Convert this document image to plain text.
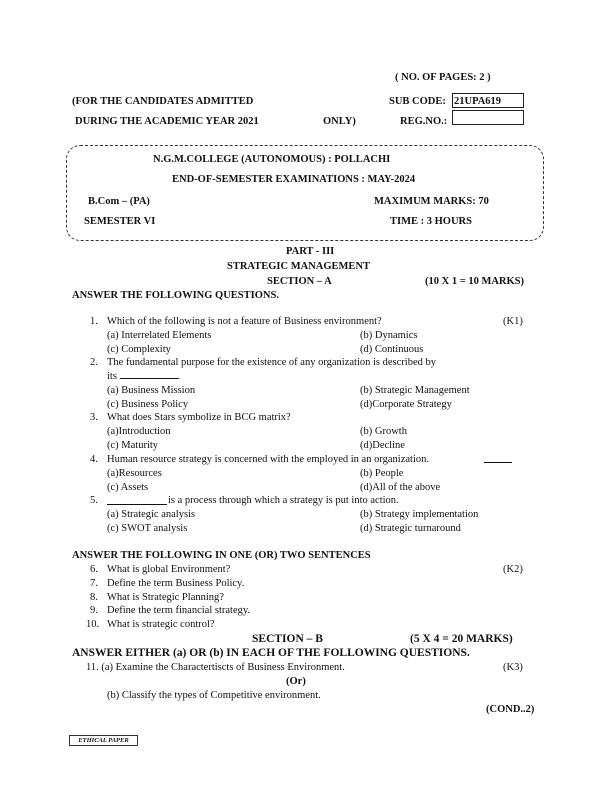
( NO. OF PAGES: 2 )
(FOR THE CANDIDATES ADMITTED	SUB CODE: 21UPA619
DURING THE ACADEMIC YEAR 2021	ONLY)	REG.NO.:
N.G.M.COLLEGE (AUTONOMOUS) : POLLACHI
END-OF-SEMESTER EXAMINATIONS : MAY-2024
B.Com – (PA)	MAXIMUM MARKS: 70
SEMESTER VI	TIME : 3 HOURS
PART - III
STRATEGIC MANAGEMENT
SECTION – A	(10 X 1 = 10 MARKS)
ANSWER THE FOLLOWING QUESTIONS.
1. Which of the following is not a feature of Business environment?	(K1)
(a) Interrelated Elements	(b) Dynamics
(c) Complexity	(d) Continuous
2. The fundamental purpose for the existence of any organization is described by
its	.
(a) Business Mission	(b) Strategic Management
(c) Business Policy	(d)Corporate Strategy
3. What does Stars symbolize in BCG matrix?
(a)Introduction	(b) Growth
(c) Maturity	(d)Decline
4. Human resource strategy is concerned with the employed in an organization.
(a)Resources	(b) People
(c) Assets	(d)All of the above
5.	is a process through which a strategy is put into action.
(a) Strategic analysis	(b) Strategy implementation
(c) SWOT analysis	(d) Strategic turnaround
ANSWER THE FOLLOWING IN ONE (OR) TWO SENTENCES
6. What is global Environment?	(K2)
7. Define the term Business Policy.
8. What is Strategic Planning?
9. Define the term financial strategy.
10. What is strategic control?
SECTION – B	(5 X 4 = 20 MARKS)
ANSWER EITHER (a) OR (b) IN EACH OF THE FOLLOWING QUESTIONS.
11. (a) Examine the Charactertiscts of Business Environment.	(K3)
(Or)
(b) Classify the types of Competitive environment.
(COND..2)
ETHICAL PAPER
